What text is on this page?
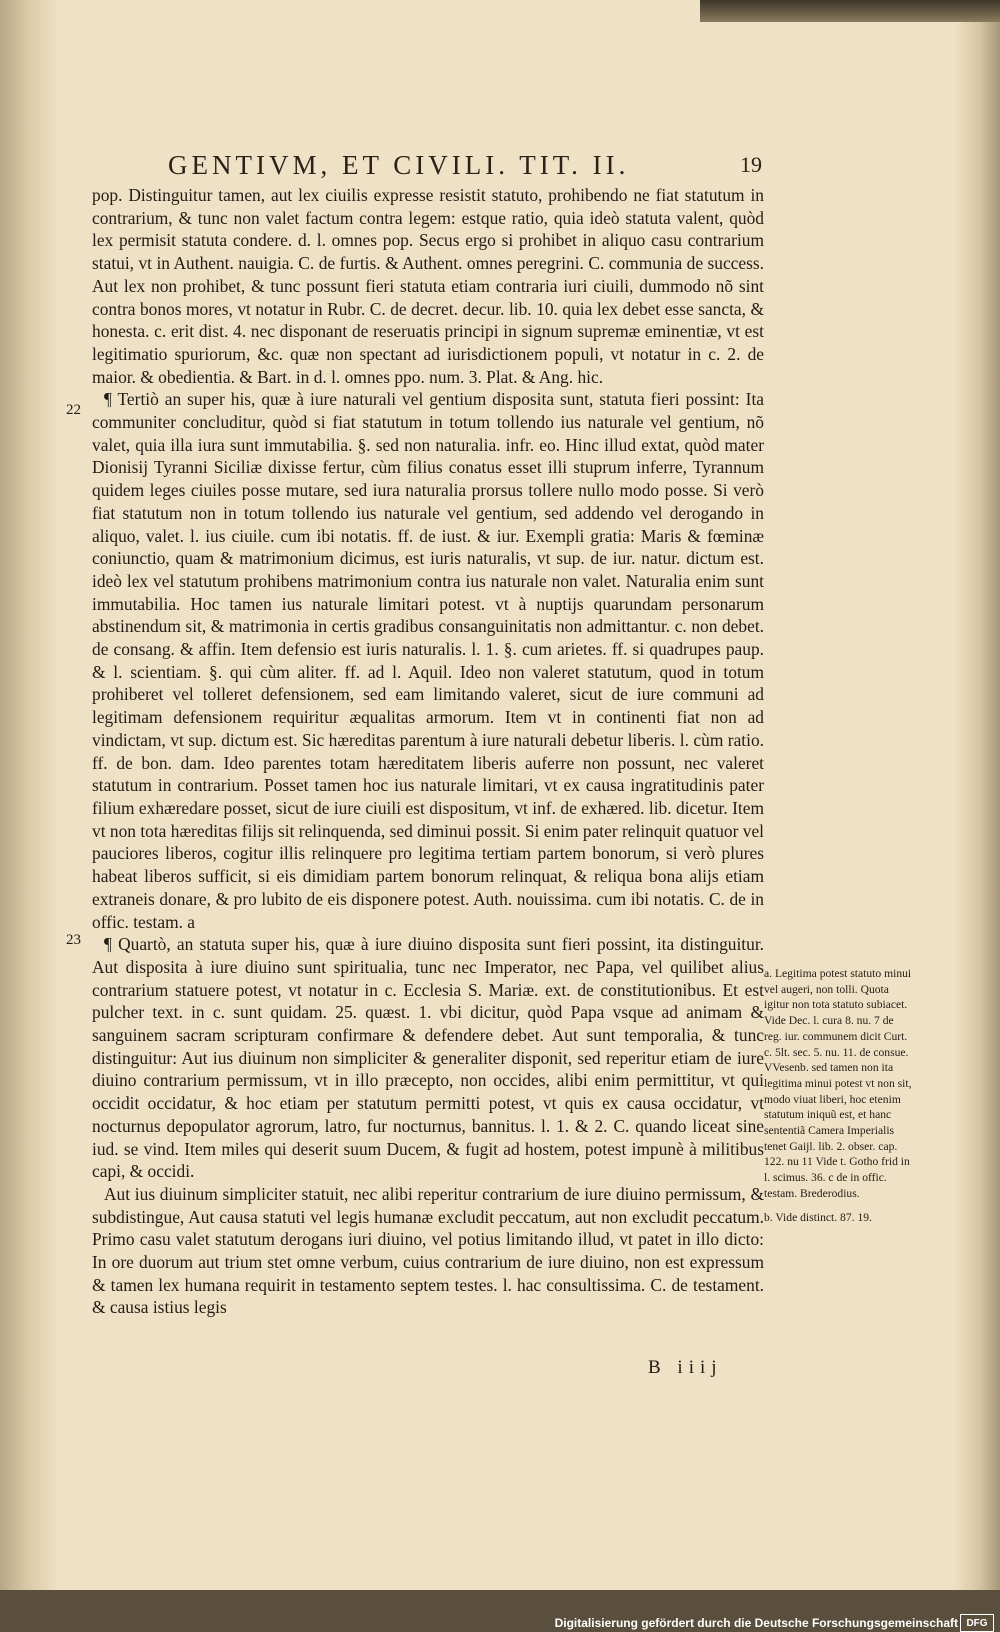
GENTIVM, ET CIVILI. TIT. II.	19
22
23

pop. Distinguitur tamen, aut lex ciuilis expresse resistit statuto, prohibendo ne fiat statutum in contrarium, & tunc non valet factum contra legem: estque ratio, quia ideò statuta valent, quòd lex permisit statuta condere. d. l. omnes pop. Secus ergo si prohibet in aliquo casu contrarium statui, vt in Authent. nauigia. C. de furtis. & Authent. omnes peregrini. C. communia de success. Aut lex non prohibet, & tunc possunt fieri statuta etiam contraria iuri ciuili, dummodo nõ sint contra bonos mores, vt notatur in Rubr. C. de decret. decur. lib. 10. quia lex debet esse sancta, & honesta. c. erit dist. 4. nec disponant de reseruatis principi in signum supremæ eminentiæ, vt est legitimatio spuriorum, &c. quæ non spectant ad iurisdictionem populi, vt notatur in c. 2. de maior. & obedientia. & Bart. in d. l. omnes ppo. num. 3. Plat. & Ang. hic.

¶ Tertiò an super his, quæ à iure naturali vel gentium disposita sunt, statuta fieri possint: Ita communiter concluditur, quòd si fiat statutum in totum tollendo ius naturale vel gentium, nõ valet, quia illa iura sunt immutabilia. §. sed non naturalia. infr. eo. Hinc illud extat, quòd mater Dionisij Tyranni Siciliæ dixisse fertur, cùm filius conatus esset illi stuprum inferre, Tyrannum quidem leges ciuiles posse mutare, sed iura naturalia prorsus tollere nullo modo posse. Si verò fiat statutum non in totum tollendo ius naturale vel gentium, sed addendo vel derogando in aliquo, valet. l. ius ciuile. cum ibi notatis. ff. de iust. & iur. Exempli gratia: Maris & fœminæ coniunctio, quam & matrimonium dicimus, est iuris naturalis, vt sup. de iur. natur. dictum est. ideò lex vel statutum prohibens matrimonium contra ius naturale non valet. Naturalia enim sunt immutabilia. Hoc tamen ius naturale limitari potest. vt à nuptijs quarundam personarum abstinendum sit, & matrimonia in certis gradibus consanguinitatis non admittantur. c. non debet. de consang. & affin. Item defensio est iuris naturalis. l. 1. §. cum arietes. ff. si quadrupes paup. & l. scientiam. §. qui cùm aliter. ff. ad l. Aquil. Ideo non valeret statutum, quod in totum prohiberet vel tolleret defensionem, sed eam limitando valeret, sicut de iure communi ad legitimam defensionem requiritur æqualitas armorum. Item vt in continenti fiat non ad vindictam, vt sup. dictum est. Sic hæreditas parentum à iure naturali debetur liberis. l. cùm ratio. ff. de bon. dam. Ideo parentes totam hæreditatem liberis auferre non possunt, nec valeret statutum in contrarium. Posset tamen hoc ius naturale limitari, vt ex causa ingratitudinis pater filium exhæredare posset, sicut de iure ciuili est dispositum, vt inf. de exhæred. lib. dicetur. Item vt non tota hæreditas filijs sit relinquenda, sed diminui possit. Si enim pater relinquit quatuor vel pauciores liberos, cogitur illis relinquere pro legitima tertiam partem bonorum, si verò plures habeat liberos sufficit, si eis dimidiam partem bonorum relinquat, & reliqua bona alijs etiam extraneis donare, & pro lubito de eis disponere potest. Auth. nouissima. cum ibi notatis. C. de in offic. testam. a

¶ Quartò, an statuta super his, quæ à iure diuino disposita sunt fieri possint, ita distinguitur. Aut disposita à iure diuino sunt spiritualia, tunc nec Imperator, nec Papa, vel quilibet alius contrarium statuere potest, vt notatur in c. Ecclesia S. Mariæ. ext. de constitutionibus. Et est pulcher text. in c. sunt quidam. 25. quæst. 1. vbi dicitur, quòd Papa vsque ad animam & sanguinem sacram scripturam confirmare & defendere debet. Aut sunt temporalia, & tunc distinguitur: Aut ius diuinum non simpliciter & generaliter disponit, sed reperitur etiam de iure diuino contrarium permissum, vt in illo præcepto, non occides, alibi enim permittitur, vt qui occidit occidatur, & hoc etiam per statutum permitti potest, vt quis ex causa occidatur, vt nocturnus depopulator agrorum, latro, fur nocturnus, bannitus. l. 1. & 2. C. quando liceat sine iud. se vind. Item miles qui deserit suum Ducem, & fugit ad hostem, potest impunè à militibus capi, & occidi.

Aut ius diuinum simpliciter statuit, nec alibi reperitur contrarium de iure diuino permissum, & subdistingue, Aut causa statuti vel legis humanæ excludit peccatum, aut non excludit peccatum. Primo casu valet statutum derogans iuri diuino, vel potius limitando illud, vt patet in illo dicto: In ore duorum aut trium stet omne verbum, cuius contrarium de iure diuino, non est expressum & tamen lex humana requirit in testamento septem testes. l. hac consultissima. C. de testament. & causa istius legis

a. Legitima potest statuto minui vel augeri, non tolli. Quota igitur non tota statuto subiacet. Vide Dec. l. cura 8. nu. 7 de reg. iur. communem dicit Curt. c. 5lt. sec. 5. nu. 11. de consue. VVesenb. sed tamen non ita legitima minui potest vt non sit, modo viuat liberi, hoc etenim statutum iniquũ est, et hanc sententiã Camera Imperialis tenet Gaijl. lib. 2. obser. cap. 122. nu 11 Vide t. Gotho frid in l. scimus. 36. c de in offic. testam. Brederodius.

b. Vide distinct. 87. 19.

B iiij
Digitalisierung gefördert durch die Deutsche Forschungsgemeinschaft DFG
